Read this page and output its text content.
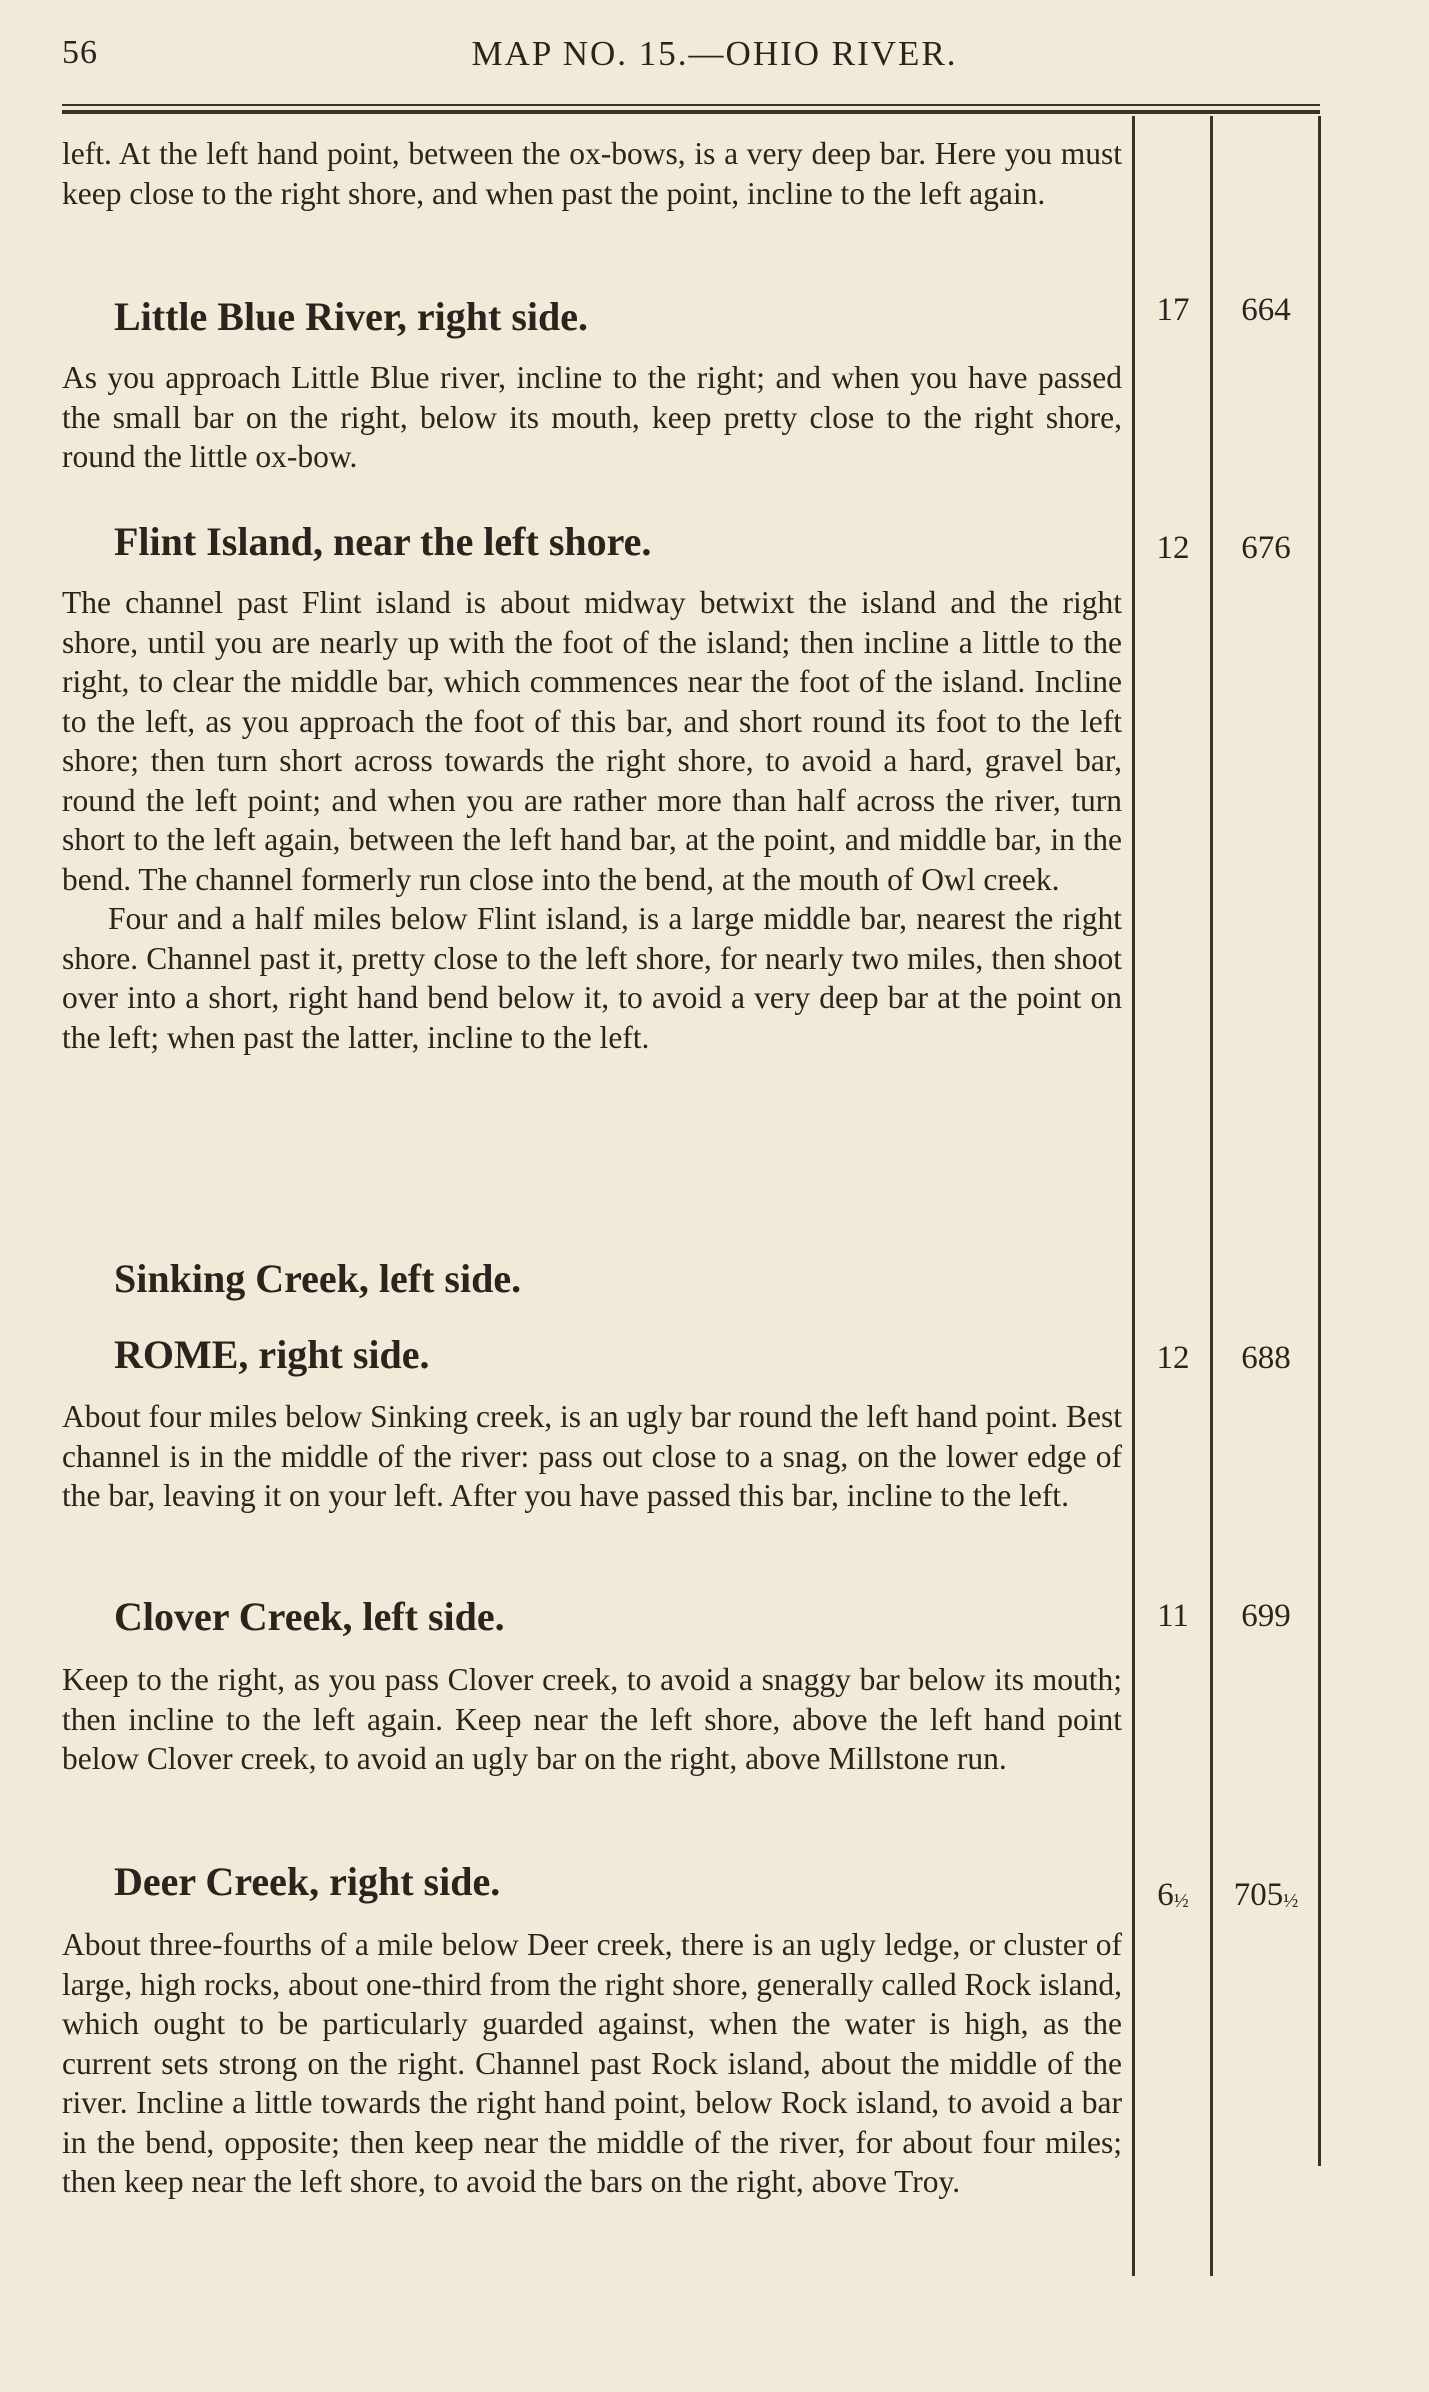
56	MAP NO. 15.—OHIO RIVER.

left. At the left hand point, between the ox-bows, is a very deep bar. Here you must keep close to the right shore, and when past the point, incline to the left again.

Little Blue River, right side.	17	664

As you approach Little Blue river, incline to the right; and when you have passed the small bar on the right, below its mouth, keep pretty close to the right shore, round the little ox-bow.

Flint Island, near the left shore.	12	676

The channel past Flint island is about midway betwixt the island and the right shore, until you are nearly up with the foot of the island; then incline a little to the right, to clear the middle bar, which commences near the foot of the island. Incline to the left, as you approach the foot of this bar, and short round its foot to the left shore; then turn short across towards the right shore, to avoid a hard, gravel bar, round the left point; and when you are rather more than half across the river, turn short to the left again, between the left hand bar, at the point, and middle bar, in the bend. The channel formerly run close into the bend, at the mouth of Owl creek.

Four and a half miles below Flint island, is a large middle bar, nearest the right shore. Channel past it, pretty close to the left shore, for nearly two miles, then shoot over into a short, right hand bend below it, to avoid a very deep bar at the point on the left; when past the latter, incline to the left.

Sinking Creek, left side.
ROME, right side.	12	688

About four miles below Sinking creek, is an ugly bar round the left hand point. Best channel is in the middle of the river: pass out close to a snag, on the lower edge of the bar, leaving it on your left. After you have passed this bar, incline to the left.

Clover Creek, left side.	11	699

Keep to the right, as you pass Clover creek, to avoid a snaggy bar below its mouth; then incline to the left again. Keep near the left shore, above the left hand point below Clover creek, to avoid an ugly bar on the right, above Millstone run.

Deer Creek, right side.	6½	705½

About three-fourths of a mile below Deer creek, there is an ugly ledge, or cluster of large, high rocks, about one-third from the right shore, generally called Rock island, which ought to be particularly guarded against, when the water is high, as the current sets strong on the right. Channel past Rock island, about the middle of the river. Incline a little towards the right hand point, below Rock island, to avoid a bar in the bend, opposite; then keep near the middle of the river, for about four miles; then keep near the left shore, to avoid the bars on the right, above Troy.
